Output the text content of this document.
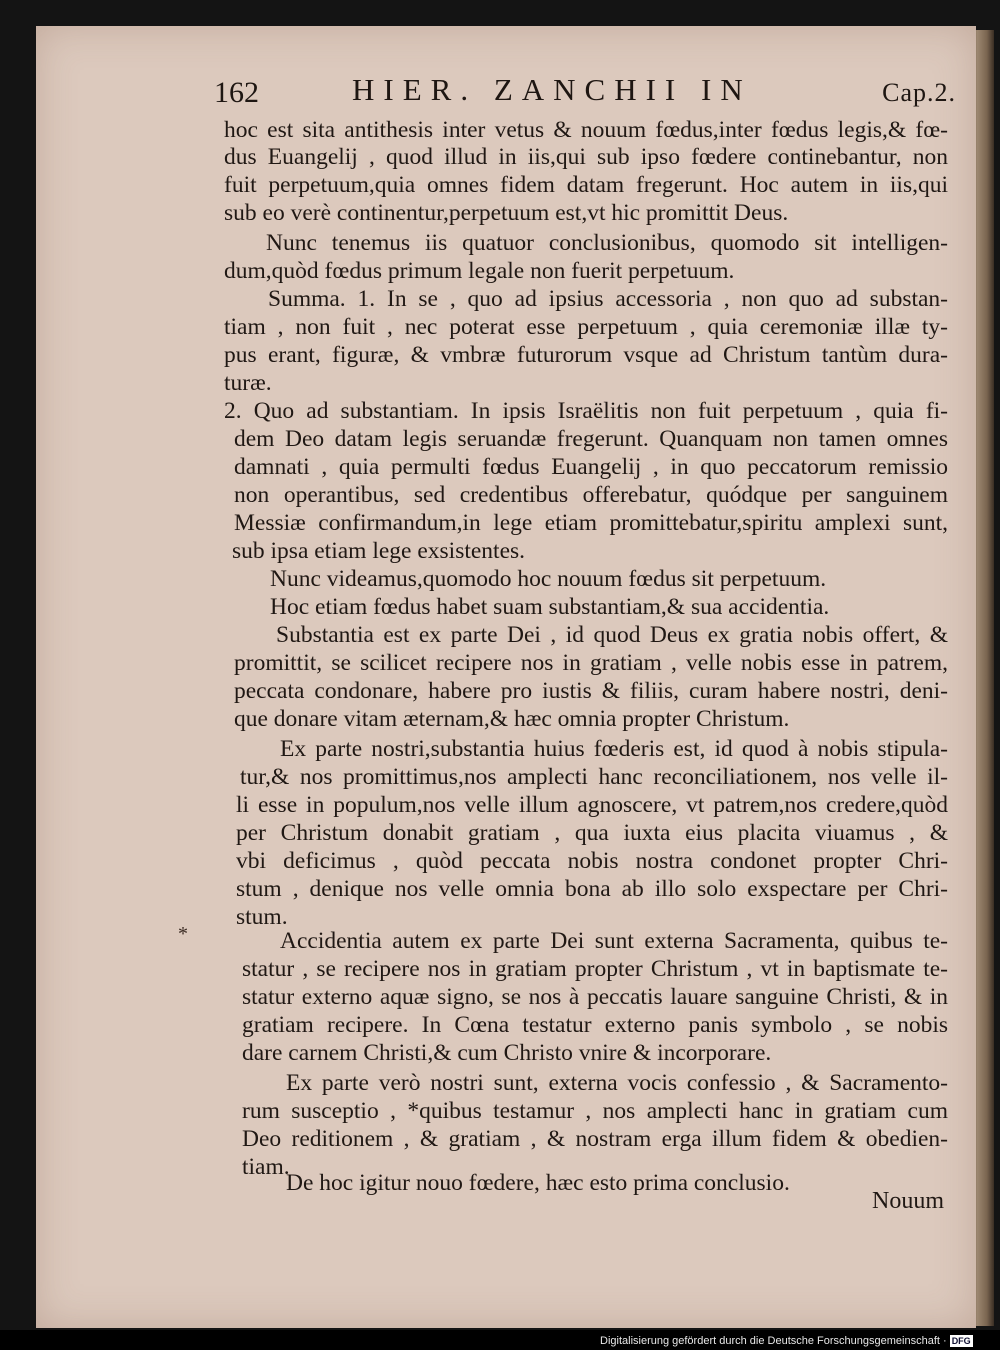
162	HIER. ZANCHII IN	Cap.2.
*
hoc est sita antithesis inter vetus & nouum fœdus,inter fœdus legis,& fœ-
dus Euangelij , quod illud in iis,qui sub ipso fœdere continebantur, non
fuit perpetuum,quia omnes fidem datam fregerunt. Hoc autem in iis,qui
sub eo verè continentur,perpetuum est,vt hic promittit Deus.
Nunc tenemus iis quatuor conclusionibus, quomodo sit intelligen-
dum,quòd fœdus primum legale non fuerit perpetuum.
Summa. 1. In se , quo ad ipsius accessoria , non quo ad substan-
tiam , non fuit , nec poterat esse perpetuum , quia ceremoniæ illæ ty-
pus erant, figuræ, & vmbræ futurorum vsque ad Christum tantùm dura-
turæ.
2. Quo ad substantiam. In ipsis Israëlitis non fuit perpetuum , quia fi-
dem Deo datam legis seruandæ fregerunt. Quanquam non tamen omnes
damnati , quia permulti fœdus Euangelij , in quo peccatorum remissio
non operantibus, sed credentibus offerebatur, quódque per sanguinem
Messiæ confirmandum,in lege etiam promittebatur,spiritu amplexi sunt,
sub ipsa etiam lege exsistentes.
Nunc videamus,quomodo hoc nouum fœdus sit perpetuum.
Hoc etiam fœdus habet suam substantiam,& sua accidentia.
Substantia est ex parte Dei , id quod Deus ex gratia nobis offert, &
promittit, se scilicet recipere nos in gratiam , velle nobis esse in patrem,
peccata condonare, habere pro iustis & filiis, curam habere nostri, deni-
que donare vitam æternam,& hæc omnia propter Christum.
Ex parte nostri,substantia huius fœderis est, id quod à nobis stipula-
tur,& nos promittimus,nos amplecti hanc reconciliationem, nos velle il-
li esse in populum,nos velle illum agnoscere, vt patrem,nos credere,quòd
per Christum donabit gratiam , qua iuxta eius placita viuamus , &
vbi deficimus , quòd peccata nobis nostra condonet propter Chri-
stum , denique nos velle omnia bona ab illo solo exspectare per Chri-
stum.
Accidentia autem ex parte Dei sunt externa Sacramenta, quibus te-
statur , se recipere nos in gratiam propter Christum , vt in baptismate te-
statur externo aquæ signo, se nos à peccatis lauare sanguine Christi, & in
gratiam recipere. In Cœna testatur externo panis symbolo , se nobis
dare carnem Christi,& cum Christo vnire & incorporare.
Ex parte verò nostri sunt, externa vocis confessio , & Sacramento-
rum susceptio , *quibus testamur , nos amplecti hanc in gratiam cum
Deo reditionem , & gratiam , & nostram erga illum fidem & obedien-
tiam.
De hoc igitur nouo fœdere, hæc esto prima conclusio.
Nouum
Digitalisierung gefördert durch die Deutsche Forschungsgemeinschaft · DFG
